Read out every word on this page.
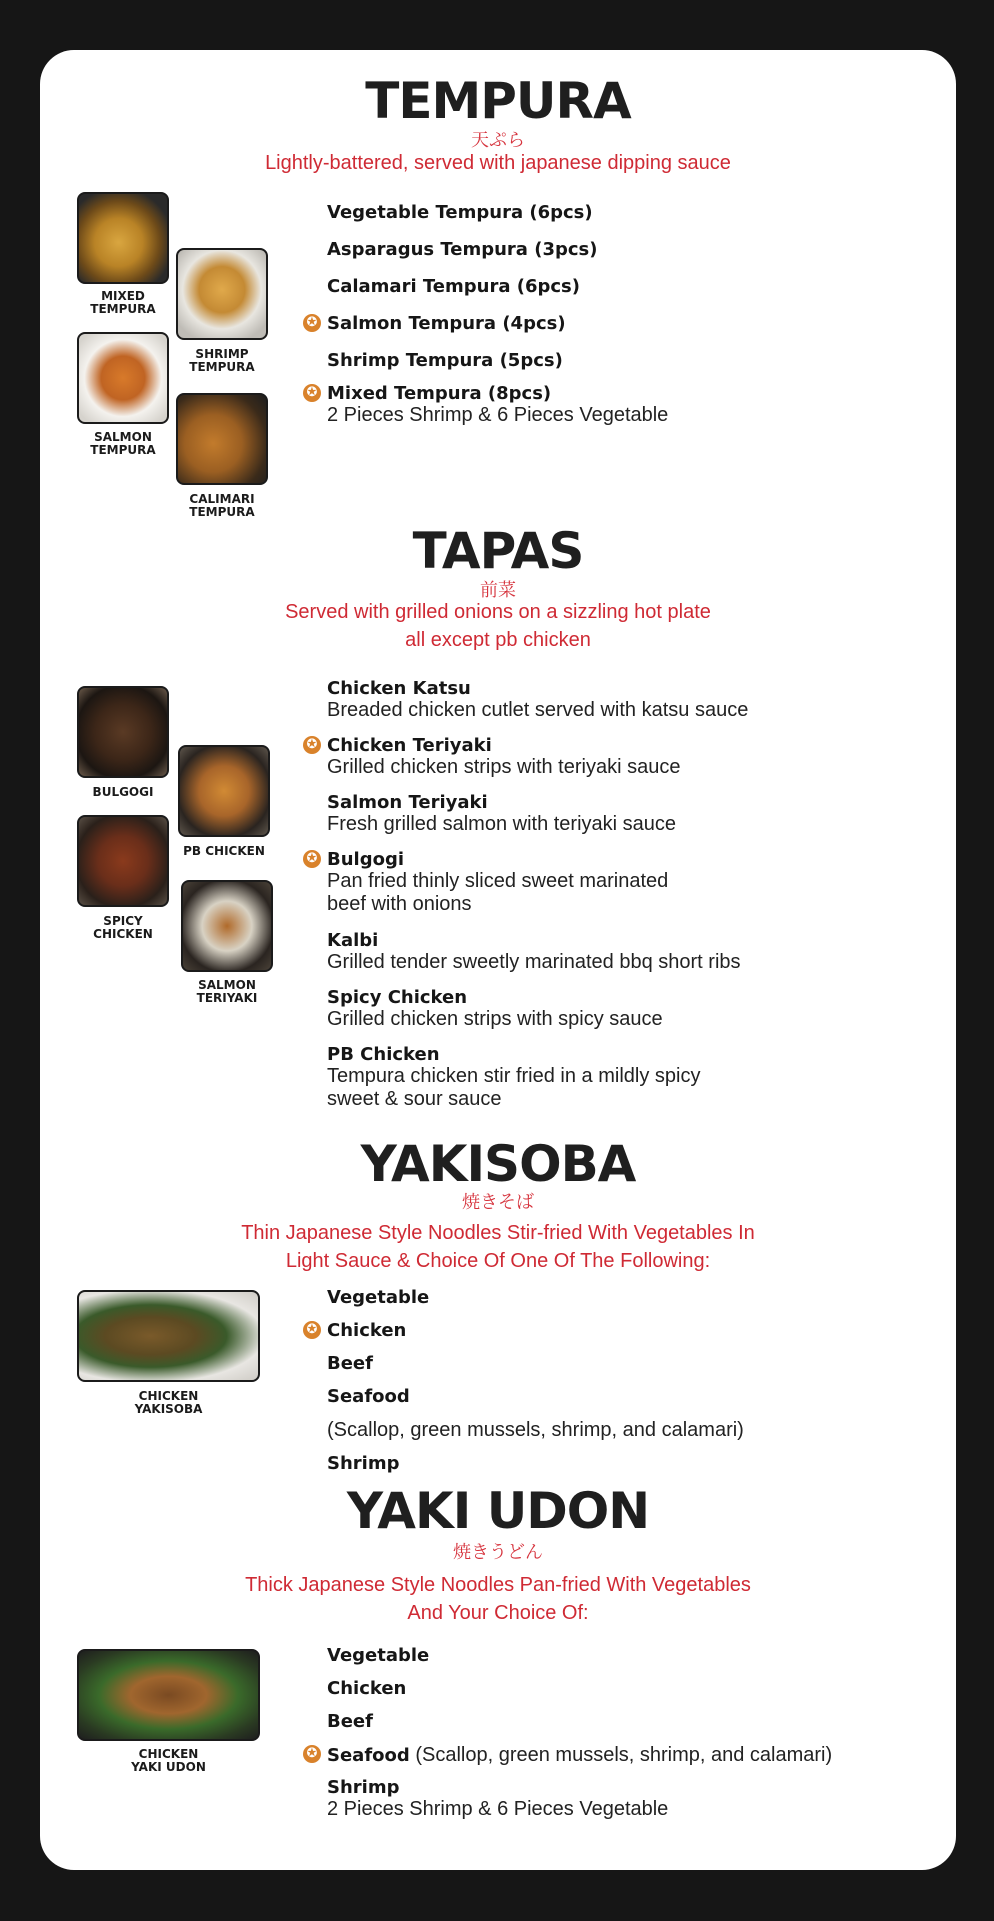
TEMPURA
天ぷら
Lightly-battered, served with japanese dipping sauce
MIXED
TEMPURA
SHRIMP
TEMPURA
SALMON
TEMPURA
CALIMARI
TEMPURA
Vegetable Tempura (6pcs)
Asparagus Tempura (3pcs)
Calamari Tempura (6pcs)
✪ Salmon Tempura (4pcs)
Shrimp Tempura (5pcs)
✪ Mixed Tempura (8pcs)
2 Pieces Shrimp & 6 Pieces Vegetable
TAPAS
前菜
Served with grilled onions on a sizzling hot plate
all except pb chicken
BULGOGI
PB CHICKEN
SPICY
CHICKEN
SALMON
TERIYAKI
Chicken Katsu
Breaded chicken cutlet served with katsu sauce
✪ Chicken Teriyaki
Grilled chicken strips with teriyaki sauce
Salmon Teriyaki
Fresh grilled salmon with teriyaki sauce
✪ Bulgogi
Pan fried thinly sliced sweet marinated
beef with onions
Kalbi
Grilled tender sweetly marinated bbq short ribs
Spicy Chicken
Grilled chicken strips with spicy sauce
PB Chicken
Tempura chicken stir fried in a mildly spicy
sweet & sour sauce
YAKISOBA
焼きそば
Thin Japanese Style Noodles Stir-fried With Vegetables In
Light Sauce & Choice Of One Of The Following:
CHICKEN
YAKISOBA
Vegetable
✪ Chicken
Beef
Seafood
(Scallop, green mussels, shrimp, and calamari)
Shrimp
YAKI UDON
焼きうどん
Thick Japanese Style Noodles Pan-fried With Vegetables
And Your Choice Of:
CHICKEN
YAKI UDON
Vegetable
Chicken
Beef
✪ Seafood (Scallop, green mussels, shrimp, and calamari)
Shrimp
2 Pieces Shrimp & 6 Pieces Vegetable
